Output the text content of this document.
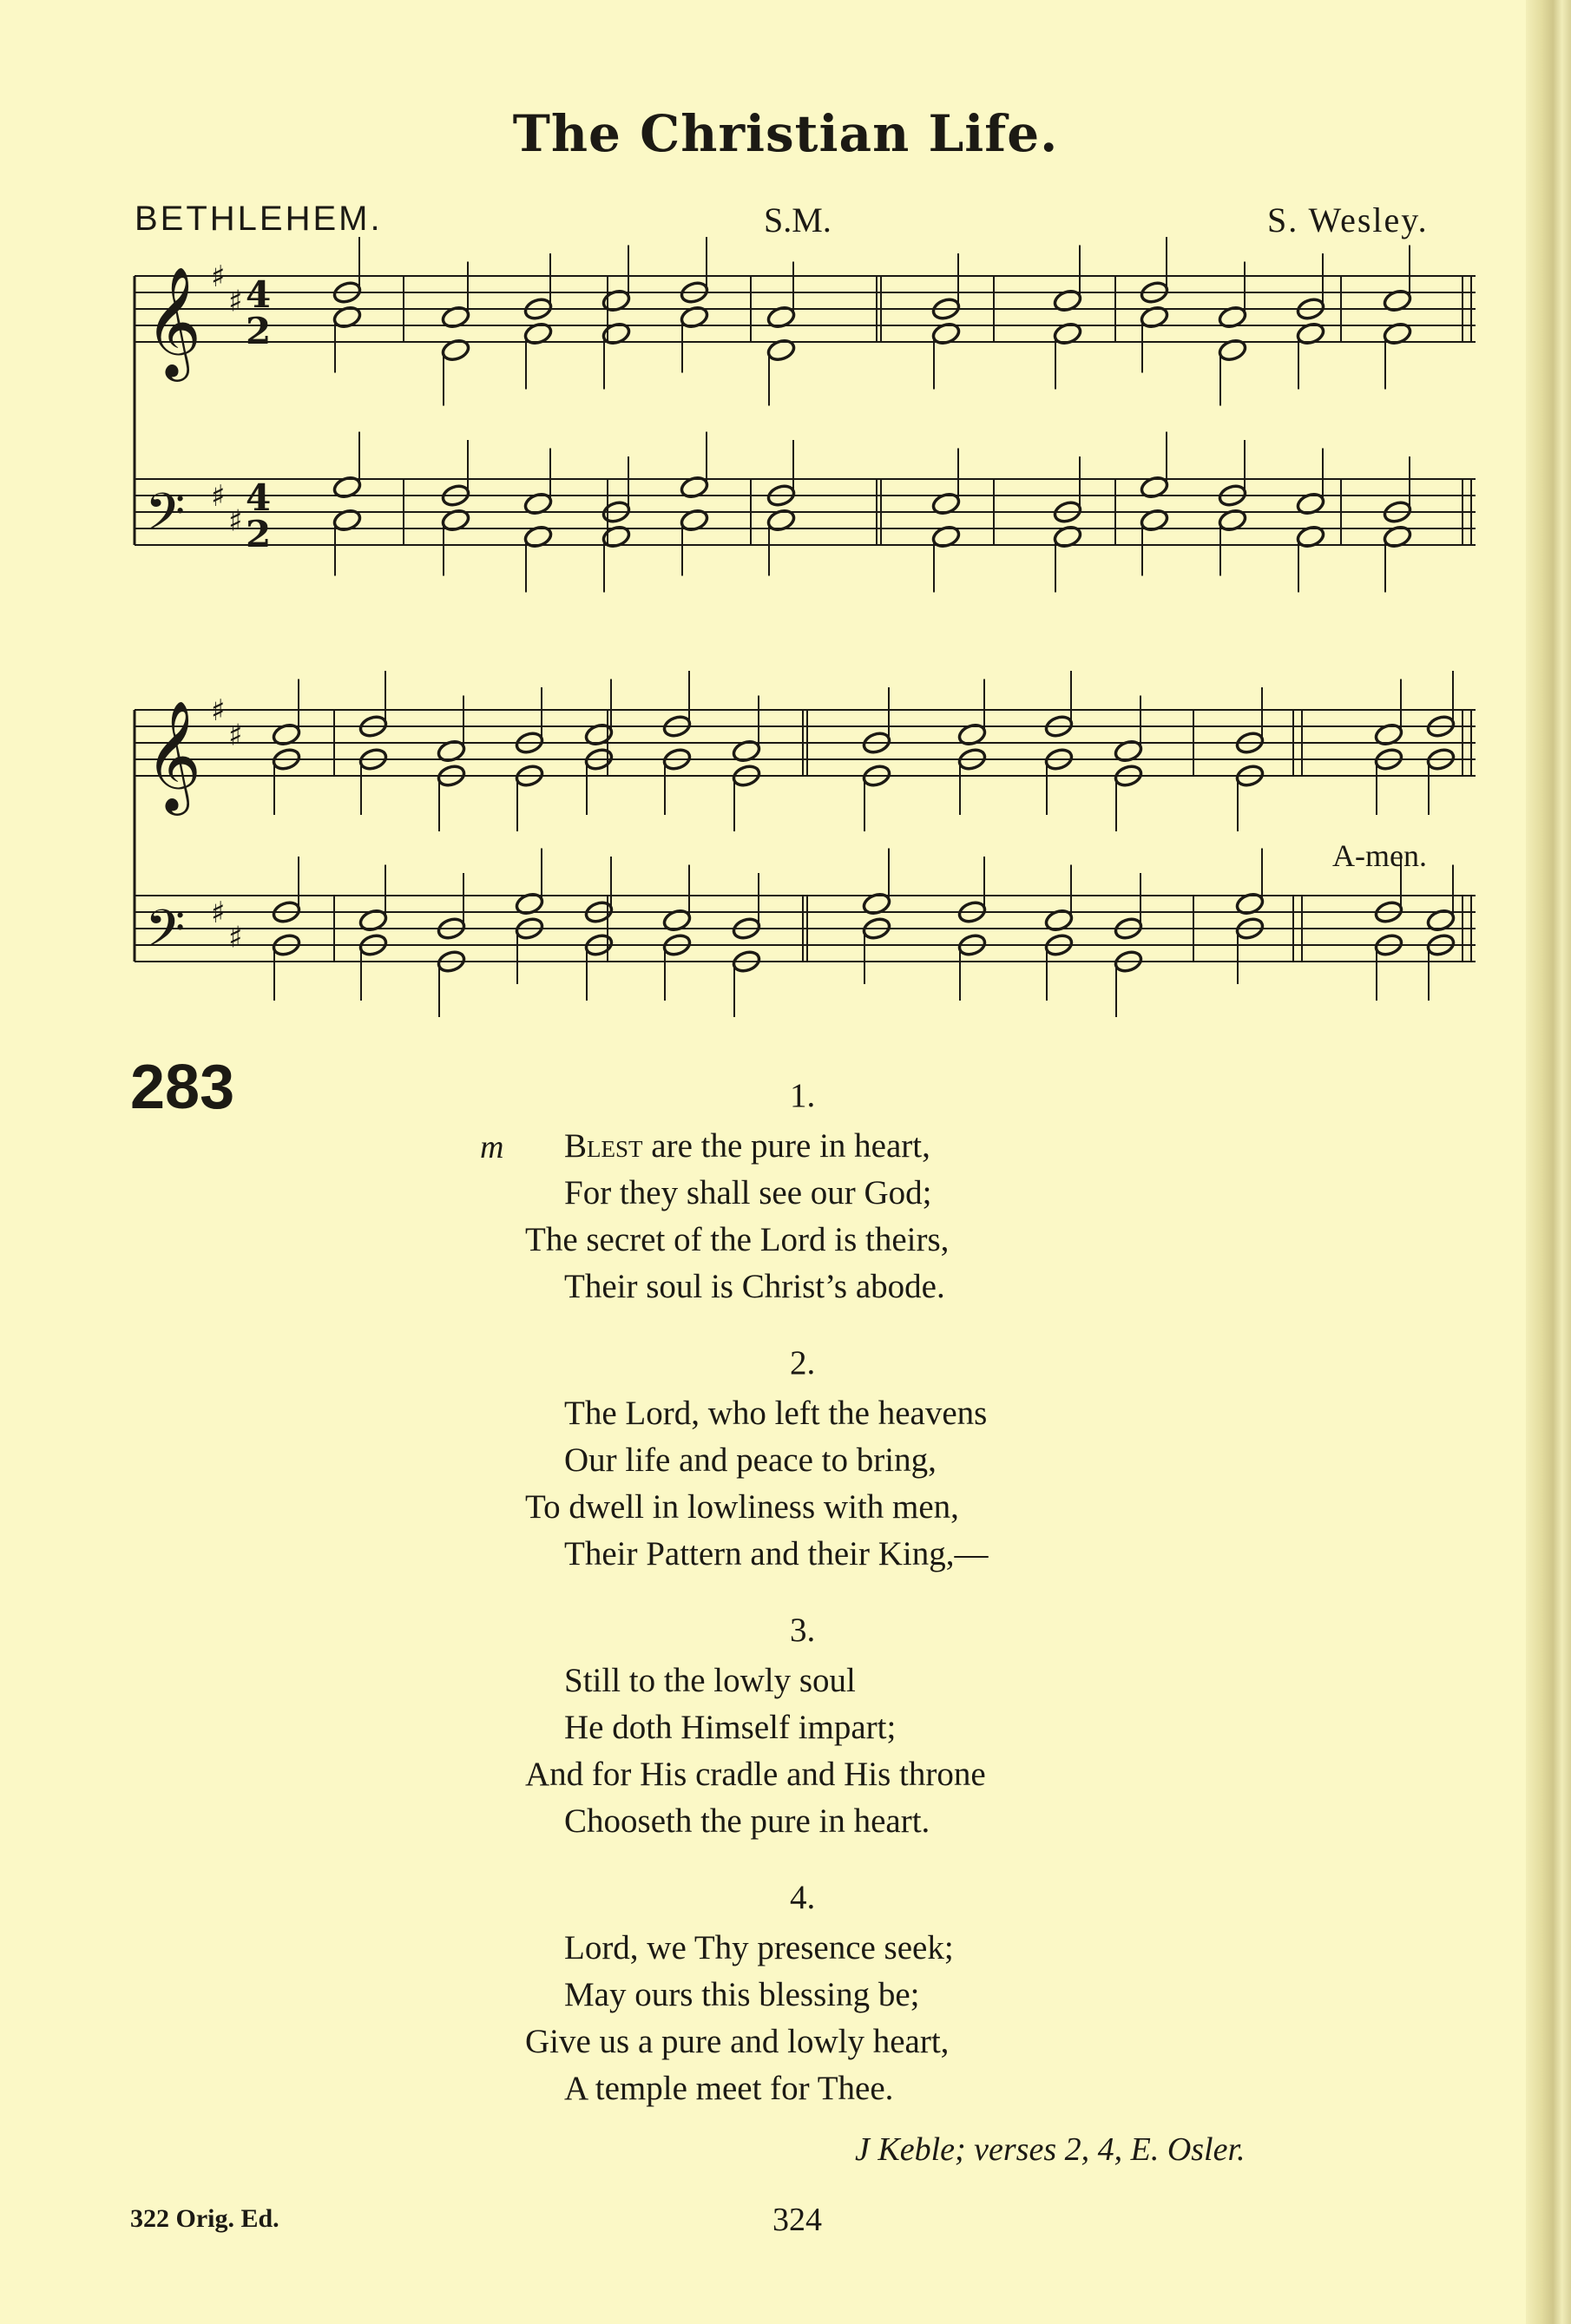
The Christian Life.
BETHLEHEM.	S.M.	S. Wesley.
𝄞 ♯
♯ 4
2
𝄢 ♯
♯
4
2
𝄞 ♯
♯
𝄢 ♯
♯
A-men.
283
m
1.
Blest are the pure in heart,
For they shall see our God;
The secret of the Lord is theirs,
Their soul is Christ’s abode.
2.
The Lord, who left the heavens
Our life and peace to bring,
To dwell in lowliness with men,
Their Pattern and their King,—
3.
Still to the lowly soul
He doth Himself impart;
And for His cradle and His throne
Chooseth the pure in heart.
4.
Lord, we Thy presence seek;
May ours this blessing be;
Give us a pure and lowly heart,
A temple meet for Thee.
J Keble; verses 2, 4, E. Osler.
322 Orig. Ed.	324
